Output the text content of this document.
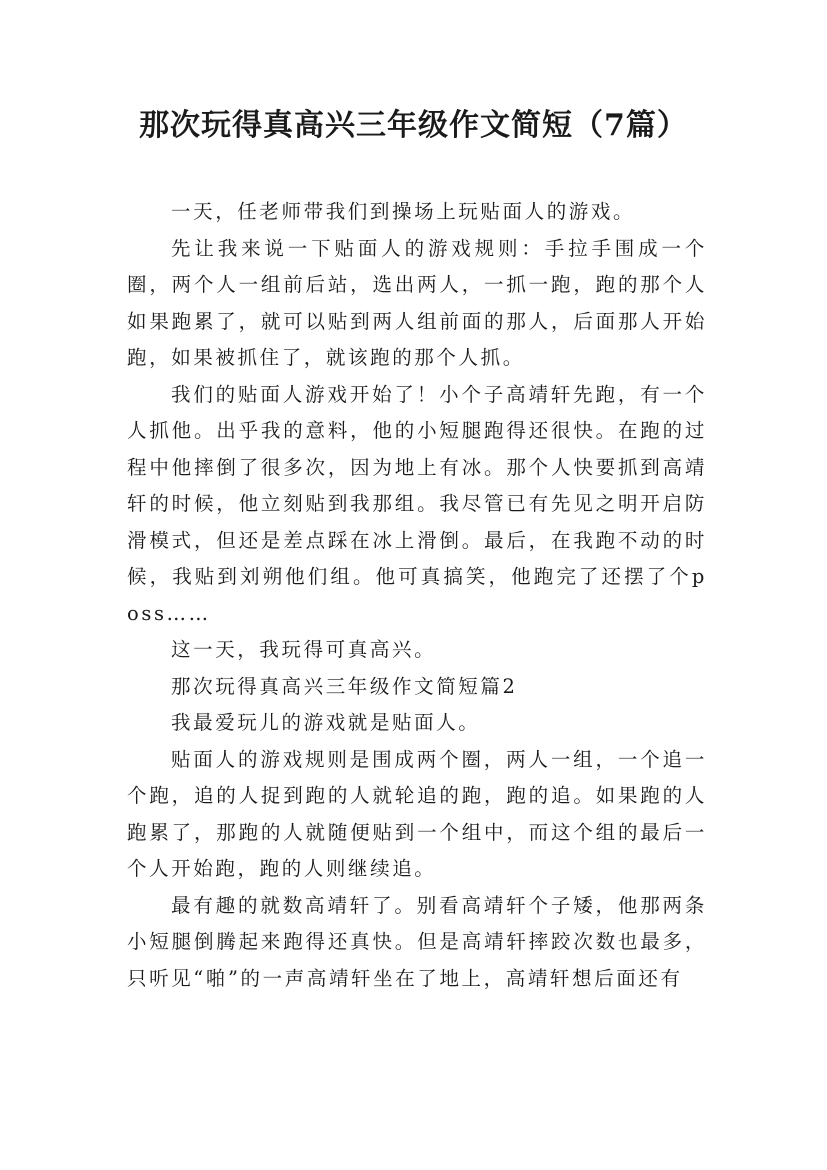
那次玩得真高兴三年级作文简短（7篇）

一天，任老师带我们到操场上玩贴面人的游戏。

先让我来说一下贴面人的游戏规则：手拉手围成一个圈，两个人一组前后站，选出两人，一抓一跑，跑的那个人如果跑累了，就可以贴到两人组前面的那人，后面那人开始跑，如果被抓住了，就该跑的那个人抓。

我们的贴面人游戏开始了！小个子高靖轩先跑，有一个人抓他。出乎我的意料，他的小短腿跑得还很快。在跑的过程中他摔倒了很多次，因为地上有冰。那个人快要抓到高靖轩的时候，他立刻贴到我那组。我尽管已有先见之明开启防滑模式，但还是差点踩在冰上滑倒。最后，在我跑不动的时候，我贴到刘朔他们组。他可真搞笑，他跑完了还摆了个poss……

这一天，我玩得可真高兴。

那次玩得真高兴三年级作文简短篇2

我最爱玩儿的游戏就是贴面人。

贴面人的游戏规则是围成两个圈，两人一组，一个追一个跑，追的人捉到跑的人就轮追的跑，跑的追。如果跑的人跑累了，那跑的人就随便贴到一个组中，而这个组的最后一个人开始跑，跑的人则继续追。

最有趣的就数高靖轩了。别看高靖轩个子矮，他那两条小短腿倒腾起来跑得还真快。但是高靖轩摔跤次数也最多，只听见“啪”的一声高靖轩坐在了地上，高靖轩想后面还有
